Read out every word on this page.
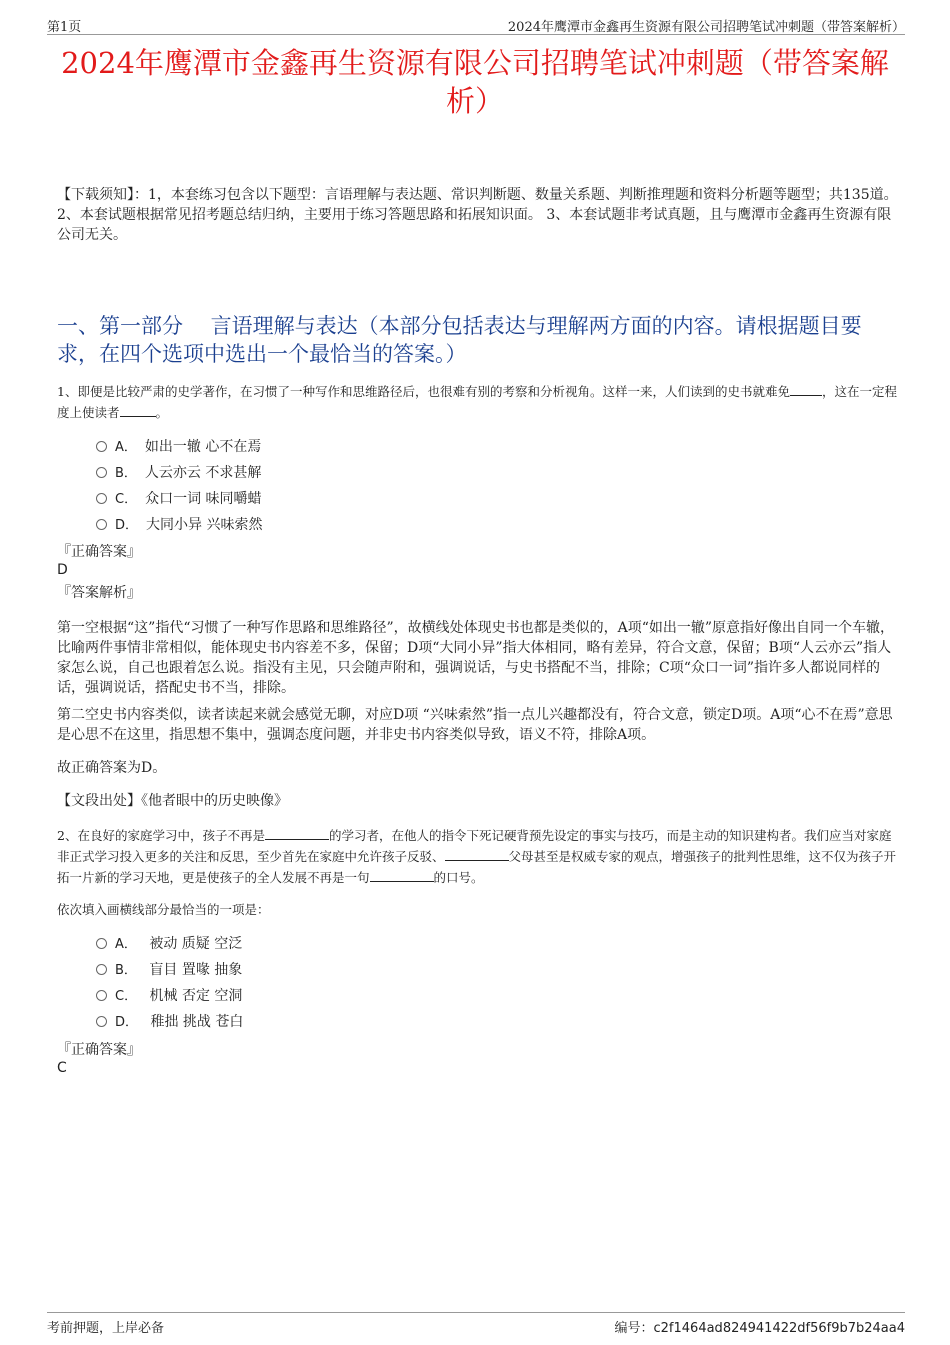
第1页	2024年鹰潭市金鑫再生资源有限公司招聘笔试冲刺题（带答案解析）
2024年鹰潭市金鑫再生资源有限公司招聘笔试冲刺题（带答案解析）
【下载须知】：1，本套练习包含以下题型：言语理解与表达题、常识判断题、数量关系题、判断推理题和资料分析题等题型；共135道。 2、本套试题根据常见招考题总结归纳，主要用于练习答题思路和拓展知识面。 3、本套试题非考试真题，且与鹰潭市金鑫再生资源有限公司无关。
一、第一部分　 言语理解与表达（本部分包括表达与理解两方面的内容。请根据题目要求，在四个选项中选出一个最恰当的答案。）
1、即便是比较严肃的史学著作，在习惯了一种写作和思维路径后，也很难有别的考察和分析视角。这样一来，人们读到的史书就难免	，这在一定程度上使读者	。
A． 如出一辙 心不在焉
B． 人云亦云 不求甚解
C． 众口一词 味同嚼蜡
D． 大同小异 兴味索然
『正确答案』
D
『答案解析』
第一空根据“这”指代“习惯了一种写作思路和思维路径”，故横线处体现史书也都是类似的，A项“如出一辙”原意指好像出自同一个车辙，比喻两件事情非常相似，能体现史书内容差不多，保留；D项“大同小异”指大体相同，略有差异，符合文意，保留；B项“人云亦云”指人家怎么说，自己也跟着怎么说。指没有主见，只会随声附和，强调说话，与史书搭配不当，排除；C项“众口一词”指许多人都说同样的话，强调说话，搭配史书不当，排除。
第二空史书内容类似，读者读起来就会感觉无聊，对应D项 “兴味索然”指一点儿兴趣都没有，符合文意，锁定D项。A项“心不在焉”意思是心思不在这里，指思想不集中，强调态度问题，并非史书内容类似导致，语义不符，排除A项。
故正确答案为D。
【文段出处】《他者眼中的历史映像》
2、在良好的家庭学习中，孩子不再是	的学习者，在他人的指令下死记硬背预先设定的事实与技巧，而是主动的知识建构者。我们应当对家庭非正式学习投入更多的关注和反思，至少首先在家庭中允许孩子反驳、	父母甚至是权威专家的观点，增强孩子的批判性思维，这不仅为孩子开拓一片新的学习天地，更是使孩子的全人发展不再是一句	的口号。
依次填入画横线部分最恰当的一项是：
A． 被动 质疑 空泛
B． 盲目 置喙 抽象
C． 机械 否定 空洞
D． 稚拙 挑战 苍白
『正确答案』
C
考前押题，上岸必备	编号：c2f1464ad824941422df56f9b7b24aa4
